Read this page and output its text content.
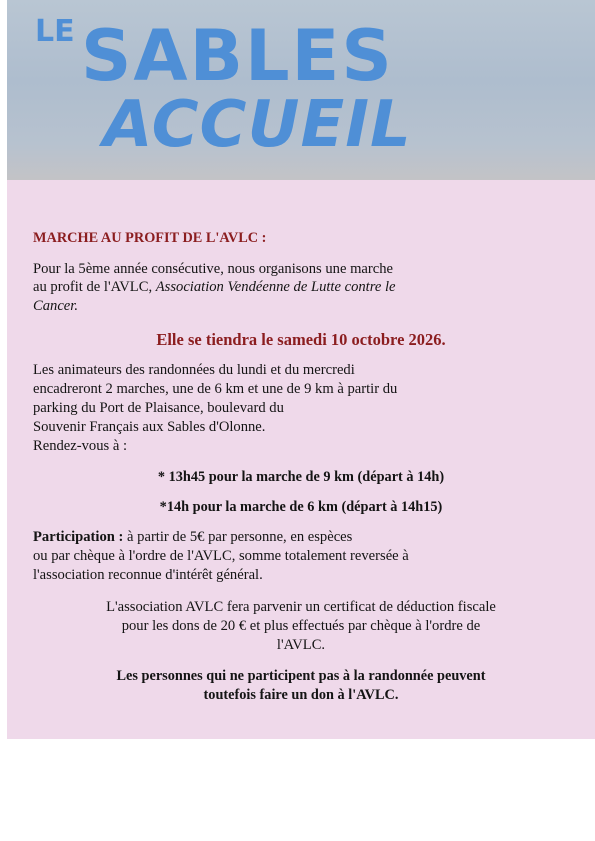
LE SABLES
ACCUEIL

MARCHE AU PROFIT DE L'AVLC :

Pour la 5ème année consécutive, nous organisons une marche

au profit de l'AVLC, Association Vendéenne de Lutte contre le

Cancer.

Elle se tiendra le samedi 10 octobre 2026.

Les animateurs des randonnées du lundi et du mercredi

encadreront 2 marches, une de 6 km et une de 9 km à partir du

parking du Port de Plaisance, boulevard du

Souvenir Français aux Sables d'Olonne.

Rendez-vous à :

* 13h45 pour la marche de 9 km (départ à 14h)

*14h pour la marche de 6 km (départ à 14h15)

Participation : à partir de 5€ par personne, en espèces

ou par chèque à l'ordre de l'AVLC, somme totalement reversée à

l'association reconnue d'intérêt général.

L'association AVLC fera parvenir un certificat de déduction fiscale

pour les dons de 20 € et plus effectués par chèque à l'ordre de

l'AVLC.

Les personnes qui ne participent pas à la randonnée peuvent

toutefois faire un don à l'AVLC.
